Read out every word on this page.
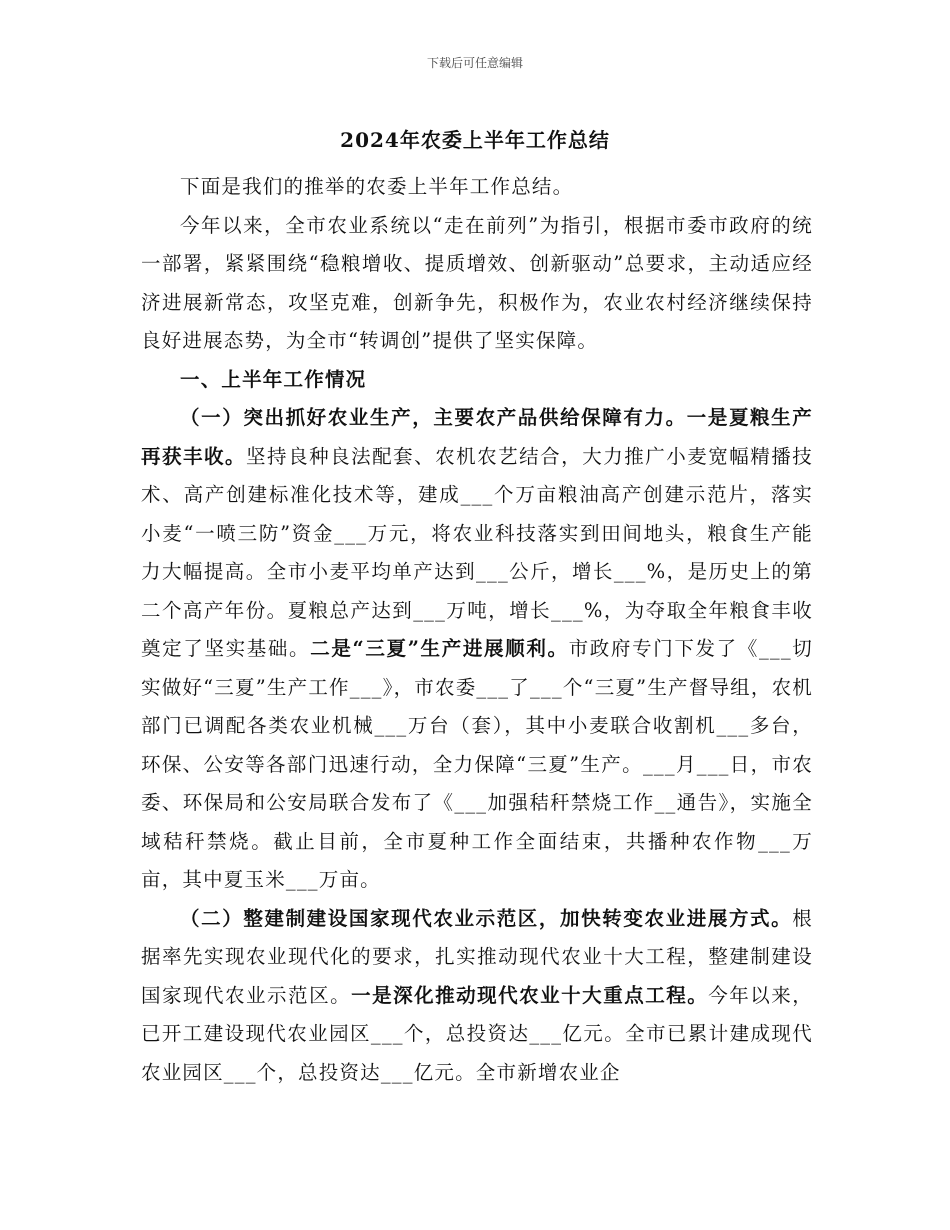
下载后可任意编辑
2024年农委上半年工作总结

下面是我们的推举的农委上半年工作总结。

今年以来，全市农业系统以“走在前列”为指引，根据市委市政府的统一部署，紧紧围绕“稳粮增收、提质增效、创新驱动”总要求，主动适应经济进展新常态，攻坚克难，创新争先，积极作为，农业农村经济继续保持良好进展态势，为全市“转调创”提供了坚实保障。

一、上半年工作情况

（一）突出抓好农业生产，主要农产品供给保障有力。一是夏粮生产再获丰收。坚持良种良法配套、农机农艺结合，大力推广小麦宽幅精播技术、高产创建标准化技术等，建成___个万亩粮油高产创建示范片，落实小麦“一喷三防”资金___万元，将农业科技落实到田间地头，粮食生产能力大幅提高。全市小麦平均单产达到___公斤，增长___%，是历史上的第二个高产年份。夏粮总产达到___万吨，增长___%，为夺取全年粮食丰收奠定了坚实基础。二是“三夏”生产进展顺利。市政府专门下发了《___切实做好“三夏”生产工作___》，市农委___了___个“三夏”生产督导组，农机部门已调配各类农业机械___万台（套），其中小麦联合收割机___多台，环保、公安等各部门迅速行动，全力保障“三夏”生产。___月___日，市农委、环保局和公安局联合发布了《___加强秸秆禁烧工作__通告》，实施全域秸秆禁烧。截止目前，全市夏种工作全面结束，共播种农作物___万亩，其中夏玉米___万亩。

（二）整建制建设国家现代农业示范区，加快转变农业进展方式。根据率先实现农业现代化的要求，扎实推动现代农业十大工程，整建制建设国家现代农业示范区。一是深化推动现代农业十大重点工程。今年以来，已开工建设现代农业园区___个，总投资达___亿元。全市已累计建成现代农业园区___个，总投资达___亿元。全市新增农业企
